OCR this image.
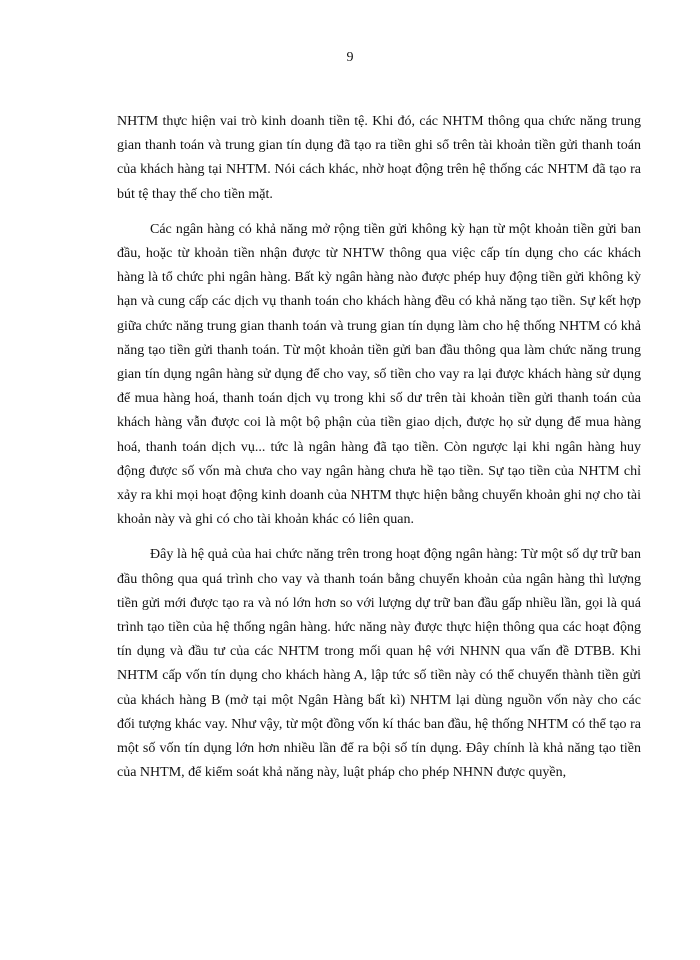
9

NHTM thực hiện vai trò kinh doanh tiền tệ. Khi đó, các NHTM thông qua chức năng trung gian thanh toán và trung gian tín dụng đã tạo ra tiền ghi sổ trên tài khoản tiền gửi thanh toán của khách hàng tại NHTM. Nói cách khác, nhờ hoạt động trên hệ thống các NHTM đã tạo ra bút tệ thay thế cho tiền mặt.

Các ngân hàng có khả năng mở rộng tiền gửi không kỳ hạn từ một khoản tiền gửi ban đầu, hoặc từ khoản tiền nhận được từ NHTW thông qua việc cấp tín dụng cho các khách hàng là tổ chức phi ngân hàng. Bất kỳ ngân hàng nào được phép huy động tiền gửi không kỳ hạn và cung cấp các dịch vụ thanh toán cho khách hàng đều có khả năng tạo tiền. Sự kết hợp giữa chức năng trung gian thanh toán và trung gian tín dụng làm cho hệ thống NHTM có khả năng tạo tiền gửi thanh toán. Từ một khoản tiền gửi ban đầu thông qua làm chức năng trung gian tín dụng ngân hàng sử dụng để cho vay, số tiền cho vay ra lại được khách hàng sử dụng để mua hàng hoá, thanh toán dịch vụ trong khi số dư trên tài khoản tiền gửi thanh toán của khách hàng vẫn được coi là một bộ phận của tiền giao dịch, được họ sử dụng để mua hàng hoá, thanh toán dịch vụ... tức là ngân hàng đã tạo tiền. Còn ngược lại khi ngân hàng huy động được số vốn mà chưa cho vay ngân hàng chưa hề tạo tiền. Sự tạo tiền của NHTM chỉ xảy ra khi mọi hoạt động kinh doanh của NHTM thực hiện bằng chuyển khoản ghi nợ cho tài khoản này và ghi có cho tài khoản khác có liên quan.

Đây là hệ quả của hai chức năng trên trong hoạt động ngân hàng: Từ một số dự trữ ban đầu thông qua quá trình cho vay và thanh toán bằng chuyển khoản của ngân hàng thì lượng tiền gửi mới được tạo ra và nó lớn hơn so với lượng dự trữ ban đầu gấp nhiều lần, gọi là quá trình tạo tiền của hệ thống ngân hàng. hức năng này được thực hiện thông qua các hoạt động tín dụng và đầu tư của các NHTM trong mối quan hệ với NHNN qua vấn đề DTBB. Khi NHTM cấp vốn tín dụng cho khách hàng A, lập tức số tiền này có thể chuyển thành tiền gửi của khách hàng B (mở tại một Ngân Hàng bất kì) NHTM lại dùng nguồn vốn này cho các đối tượng khác vay. Như vậy, từ một đồng vốn kí thác ban đầu, hệ thống NHTM có thể tạo ra một số vốn tín dụng lớn hơn nhiều lần để ra bội số tín dụng. Đây chính là khả năng tạo tiền của NHTM, để kiểm soát khả năng này, luật pháp cho phép NHNN được quyền,
